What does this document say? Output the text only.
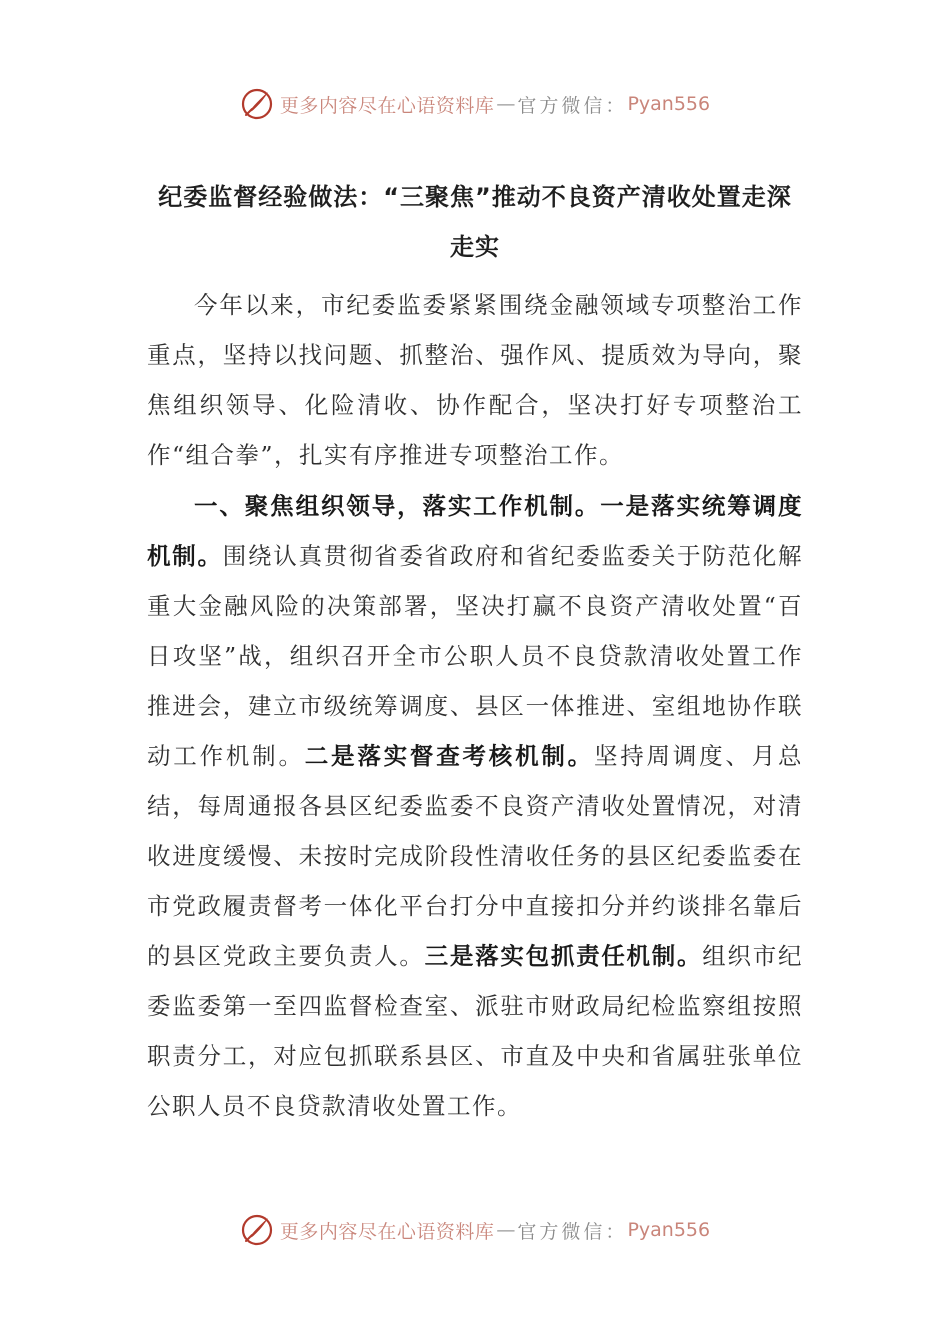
更多内容尽在心语资料库 — 官方微信： Pyan556
纪委监督经验做法：“三聚焦”推动不良资产清收处置走深走实

今年以来，市纪委监委紧紧围绕金融领域专项整治工作重点，坚持以找问题、抓整治、强作风、提质效为导向，聚焦组织领导、化险清收、协作配合，坚决打好专项整治工作“组合拳”，扎实有序推进专项整治工作。

一、聚焦组织领导，落实工作机制。一是落实统筹调度机制。围绕认真贯彻省委省政府和省纪委监委关于防范化解重大金融风险的决策部署，坚决打赢不良资产清收处置“百日攻坚”战，组织召开全市公职人员不良贷款清收处置工作推进会，建立市级统筹调度、县区一体推进、室组地协作联动工作机制。二是落实督查考核机制。坚持周调度、月总结，每周通报各县区纪委监委不良资产清收处置情况，对清收进度缓慢、未按时完成阶段性清收任务的县区纪委监委在市党政履责督考一体化平台打分中直接扣分并约谈排名靠后的县区党政主要负责人。三是落实包抓责任机制。组织市纪委监委第一至四监督检查室、派驻市财政局纪检监察组按照职责分工，对应包抓联系县区、市直及中央和省属驻张单位公职人员不良贷款清收处置工作。

更多内容尽在心语资料库 — 官方微信： Pyan556
